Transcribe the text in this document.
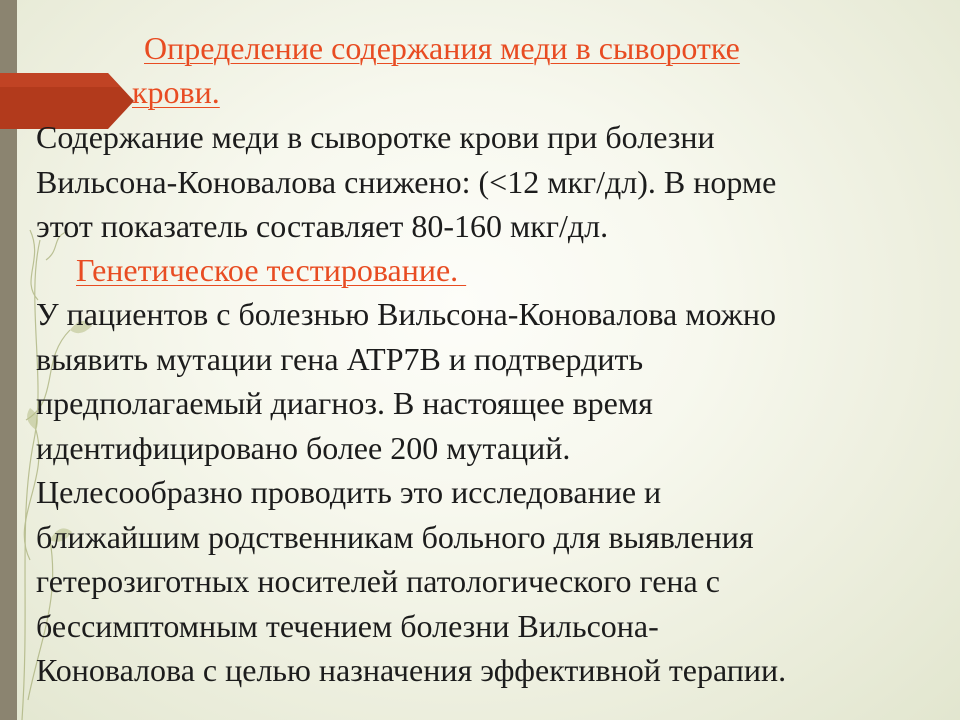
Определение содержания меди в сыворотке
крови.
Содержание меди в сыворотке крови при болезни
Вильсона-Коновалова снижено: (<12 мкг/дл). В норме
этот показатель составляет 80-160 мкг/дл.
Генетическое тестирование.
У пациентов с болезнью Вильсона-Коновалова можно
выявить мутации гена ATP7B и подтвердить
предполагаемый диагноз. В настоящее время
идентифицировано более 200 мутаций.
Целесообразно проводить это исследование и
ближайшим родственникам больного для выявления
гетерозиготных носителей патологического гена с
бессимптомным течением болезни Вильсона-
Коновалова с целью назначения эффективной терапии.
